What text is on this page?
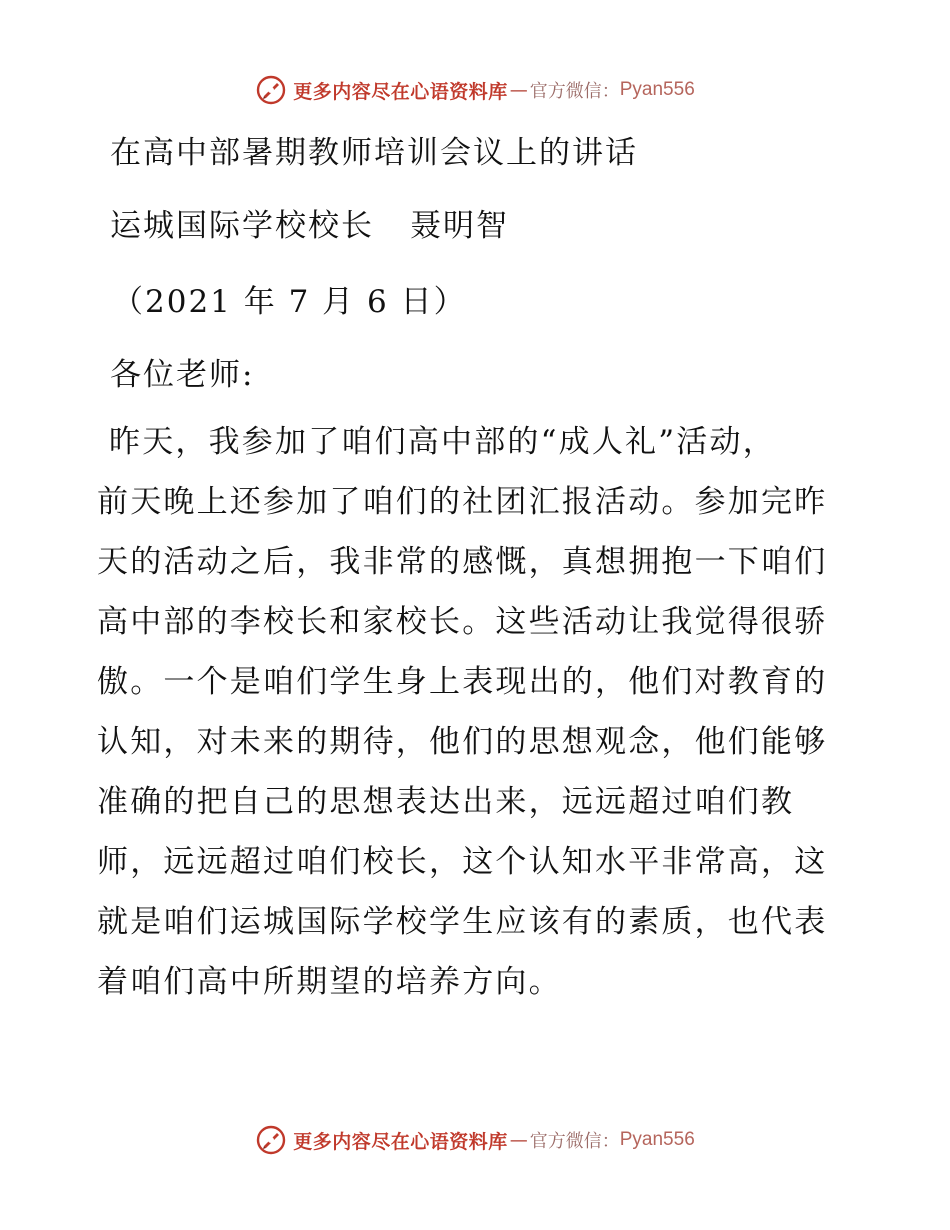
更多内容尽在心语资料库 — 官方微信： Pyan556
在高中部暑期教师培训会议上的讲话
运城国际学校校长 聂明智
（2021 年 7 月 6 日）
各位老师:
昨天，我参加了咱们高中部的“成人礼”活动，
前天晚上还参加了咱们的社团汇报活动。参加完昨
天的活动之后，我非常的感慨，真想拥抱一下咱们
高中部的李校长和家校长。这些活动让我觉得很骄
傲。一个是咱们学生身上表现出的，他们对教育的
认知，对未来的期待，他们的思想观念，他们能够
准确的把自己的思想表达出来，远远超过咱们教
师，远远超过咱们校长，这个认知水平非常高，这
就是咱们运城国际学校学生应该有的素质，也代表
着咱们高中所期望的培养方向。
更多内容尽在心语资料库 — 官方微信： Pyan556
